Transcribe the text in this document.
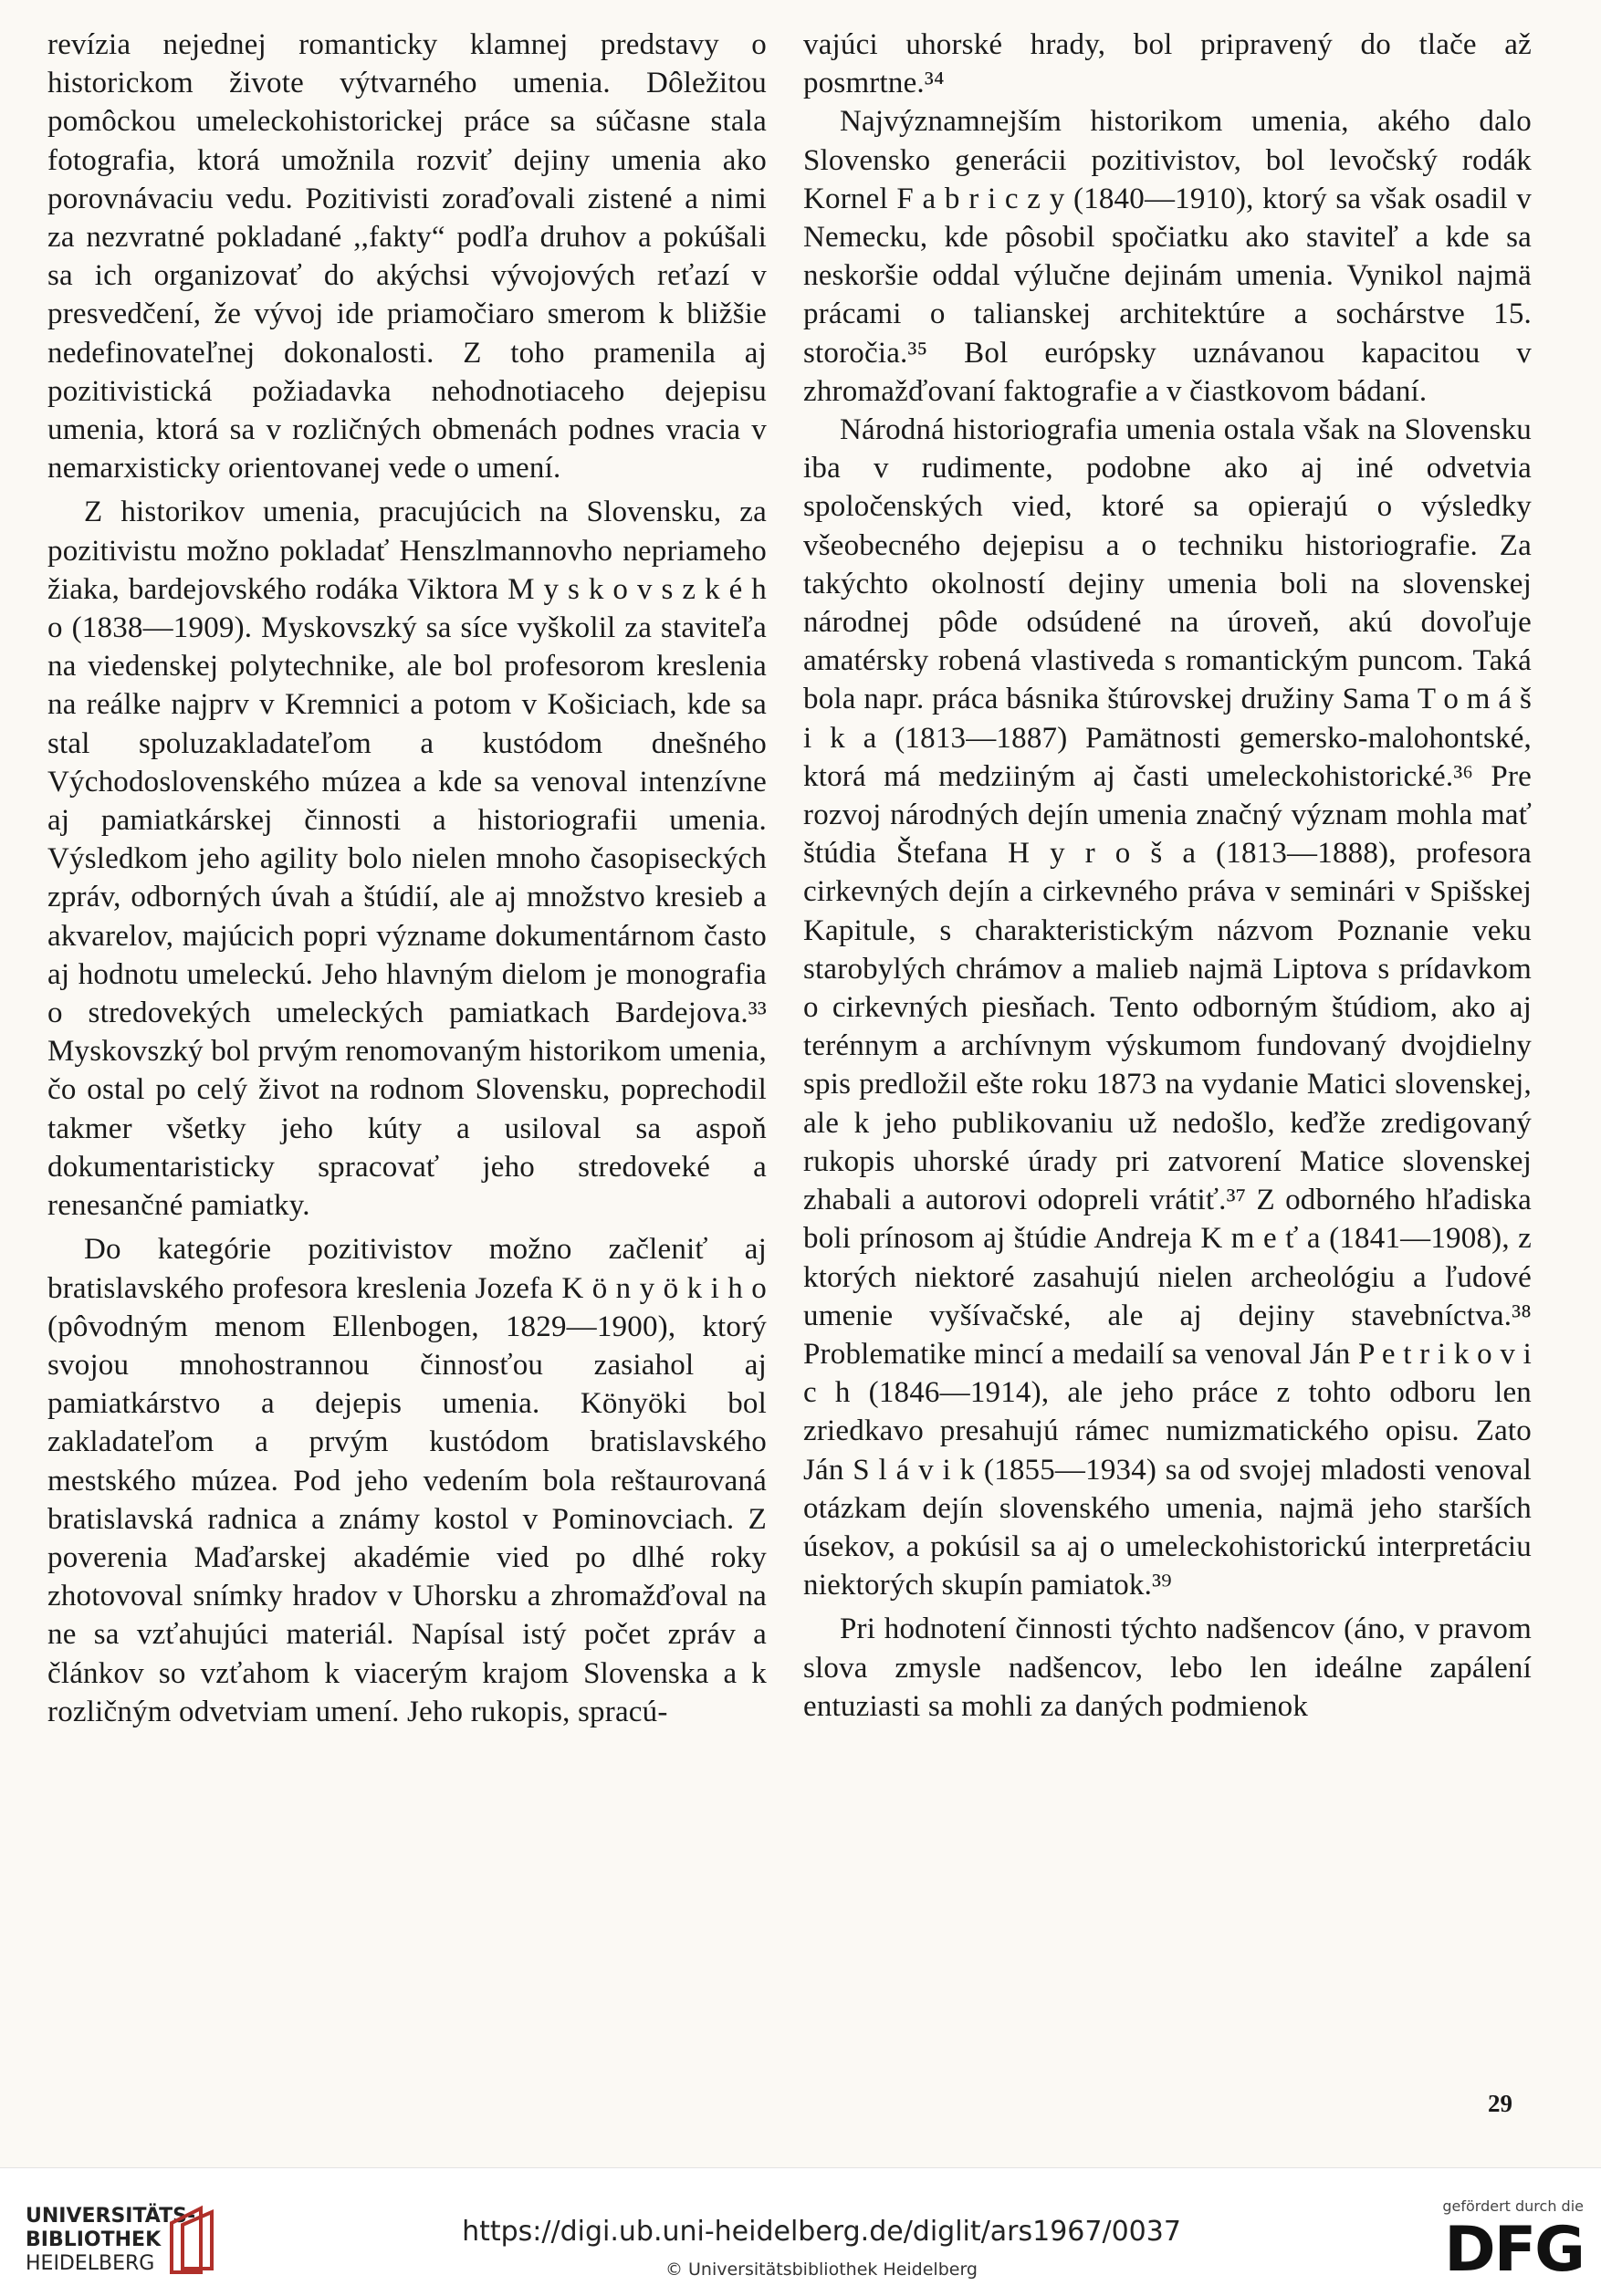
revízia nejednej romanticky klamnej predstavy o historickom živote výtvarného umenia. Dôležitou pomôckou umeleckohistorickej práce sa súčasne stala fotografia, ktorá umožnila rozviť dejiny umenia ako porovnávaciu vedu. Pozitivisti zoraďovali zistené a nimi za nezvratné pokladané ,,fakty“ podľa druhov a pokúšali sa ich organizovať do akýchsi vývojových reťazí v presvedčení, že vývoj ide priamočiaro smerom k bližšie nedefinovateľnej dokonalosti. Z toho pramenila aj pozitivistická požiadavka nehodnotiaceho dejepisu umenia, ktorá sa v rozličných obmenách podnes vracia v nemarxisticky orientovanej vede o umení.

Z historikov umenia, pracujúcich na Slovensku, za pozitivistu možno pokladať Henszlmannovho nepriameho žiaka, bardejovského rodáka Viktora M y s k o v s z k é h o (1838—1909). Myskovszký sa síce vyškolil za staviteľa na viedenskej polytechnike, ale bol profesorom kreslenia na reálke najprv v Kremnici a potom v Košiciach, kde sa stal spoluzakladateľom a kustódom dnešného Východoslovenského múzea a kde sa venoval intenzívne aj pamiatkárskej činnosti a historiografii umenia. Výsledkom jeho agility bolo nielen mnoho časopiseckých zpráv, odborných úvah a štúdií, ale aj množstvo kresieb a akvarelov, majúcich popri význame dokumentárnom často aj hodnotu umeleckú. Jeho hlavným dielom je monografia o stredovekých umeleckých pamiatkach Bardejova.³³ Myskovszký bol prvým renomovaným historikom umenia, čo ostal po celý život na rodnom Slovensku, poprechodil takmer všetky jeho kúty a usiloval sa aspoň dokumentaristicky spracovať jeho stredoveké a renesančné pamiatky.

Do kategórie pozitivistov možno začleniť aj bratislavského profesora kreslenia Jozefa K ö n y ö k i h o (pôvodným menom Ellenbogen, 1829—1900), ktorý svojou mnohostrannou činnosťou zasiahol aj pamiatkárstvo a dejepis umenia. Könyöki bol zakladateľom a prvým kustódom bratislavského mestského múzea. Pod jeho vedením bola reštaurovaná bratislavská radnica a známy kostol v Pominovciach. Z poverenia Maďarskej akadémie vied po dlhé roky zhotovoval snímky hradov v Uhorsku a zhromažďoval na ne sa vzťahujúci materiál. Napísal istý počet zpráv a článkov so vzťahom k viacerým krajom Slovenska a k rozličným odvetviam umení. Jeho rukopis, spracú-

vajúci uhorské hrady, bol pripravený do tlače až posmrtne.³⁴

Najvýznamnejším historikom umenia, akého dalo Slovensko generácii pozitivistov, bol levočský rodák Kornel F a b r i c z y (1840—1910), ktorý sa však osadil v Nemecku, kde pôsobil spočiatku ako staviteľ a kde sa neskoršie oddal výlučne dejinám umenia. Vynikol najmä prácami o talianskej architektúre a sochárstve 15. storočia.³⁵ Bol európsky uznávanou kapacitou v zhromažďovaní faktografie a v čiastkovom bádaní.

Národná historiografia umenia ostala však na Slovensku iba v rudimente, podobne ako aj iné odvetvia spoločenských vied, ktoré sa opierajú o výsledky všeobecného dejepisu a o techniku historiografie. Za takýchto okolností dejiny umenia boli na slovenskej národnej pôde odsúdené na úroveň, akú dovoľuje amatérsky robená vlastiveda s romantickým puncom. Taká bola napr. práca básnika štúrovskej družiny Sama T o m á š i k a (1813—1887) Pamätnosti gemersko-malohontské, ktorá má medziiným aj časti umeleckohistorické.³⁶ Pre rozvoj národných dejín umenia značný význam mohla mať štúdia Štefana H y r o š a (1813—1888), profesora cirkevných dejín a cirkevného práva v seminári v Spišskej Kapitule, s charakteristickým názvom Poznanie veku starobylých chrámov a malieb najmä Liptova s prídavkom o cirkevných piesňach. Tento odborným štúdiom, ako aj terénnym a archívnym výskumom fundovaný dvojdielny spis predložil ešte roku 1873 na vydanie Matici slovenskej, ale k jeho publikovaniu už nedošlo, keďže zredigovaný rukopis uhorské úrady pri zatvorení Matice slovenskej zhabali a autorovi odopreli vrátiť.³⁷ Z odborného hľadiska boli prínosom aj štúdie Andreja K m e ť a (1841—1908), z ktorých niektoré zasahujú nielen archeológiu a ľudové umenie vyšívačské, ale aj dejiny stavebníctva.³⁸ Problematike mincí a medailí sa venoval Ján P e t r i k o v i c h (1846—1914), ale jeho práce z tohto odboru len zriedkavo presahujú rámec numizmatického opisu. Zato Ján S l á v i k (1855—1934) sa od svojej mladosti venoval otázkam dejín slovenského umenia, najmä jeho starších úsekov, a pokúsil sa aj o umeleckohistorickú interpretáciu niektorých skupín pamiatok.³⁹

Pri hodnotení činnosti týchto nadšencov (áno, v pravom slova zmysle nadšencov, lebo len ideálne zapálení entuziasti sa mohli za daných podmienok

29
UNIVERSITÄTS-
BIBLIOTHEK
HEIDELBERG
https://digi.ub.uni-heidelberg.de/diglit/ars1967/0037
© Universitätsbibliothek Heidelberg
gefördert durch die
DFG
